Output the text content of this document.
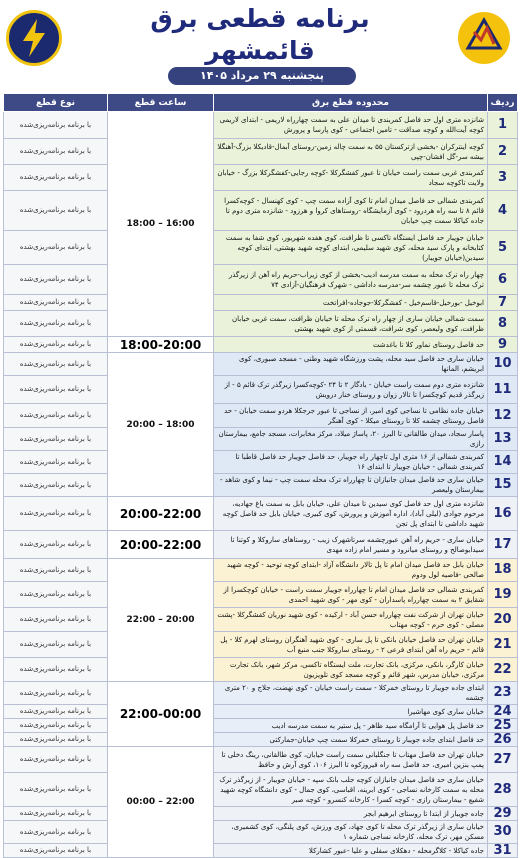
برنامه قطعی برق
قائمشهر
پنجشنبه ۲۹ مرداد ۱۴۰۵
ردیف	محدوده قطع برق	ساعت قطع	نوع قطع
1	شانزده متری اول حد فاصل کمربندی تا میدان علی به سمت چهارراه لاریمی - ابتدای لاریمی کوچه آیت‌الله و کوچه صداقت - تامین اجتماعی - کوی پارسا و پرورش	16:00 – 18:00	با برنامه برنامه‌ریزی‌شده
2	کوچه اینترکران -بخشی ازترکستان ۵۵ به سمت چاله زمین-روستای آبمال-قادیکلا بزرگ-آهنگلا بیشه سر-گل افشان-چپی		با برنامه برنامه‌ریزی‌شده
3	کمربندی غربی سمت راست خیابان تا عبور کفشگرکلا -کوچه رجایی-کفشگرکلا بزرگ - خیابان ولایت تاکوچه سجاد		با برنامه برنامه‌ریزی‌شده
4	کمربندی شمالی حد فاصل میدان امام تا کوی آزاده سمت چپ - کوی کهنسال - کوچه‌کسرا قائم ۸ تا سه راه هردرود - کوی آزمایشگاه -روستاهای کروا و هرزود - شانزده متری دوم تا جاده کیاکلا سمت چپ خیابان		با برنامه برنامه‌ریزی‌شده
5	خیابان جویبار حد فاصل ایستگاه تاکسی تا ظرافت، کوی هفده شهریور، کوی شفا به سمت کتابخانه و پارک سید محله، کوی شهید سلیمی، ابتدای کوچه شهید بهشتی، ابتدای کوچه سیدبن‌(خیابان جویبار)		با برنامه برنامه‌ریزی‌شده
6	چهار راه ترک محله به سمت مدرسه ادیب-بخشی از کوی زیراب-حریم راه آهن از زیرگذر ترک محله تا عبور چشمه سر-مدرسه داداشی - شهرک فرهنگیان-آزادی ۷۴		با برنامه برنامه‌ریزی‌شده
7	ابوخیل -بورخیل-قاسم‌خیل - کفشگرکلا-جوجاده-افراتخت		با برنامه برنامه‌ریزی‌شده
8	سمت شمالی خیابان ساری از چهار راه ترک محله تا خیابان ظرافت، سمت غربی خیابان ظرافت، کوی ولیعصر، کوی شرافت، قسمتی از کوی شهید بهشتی		با برنامه برنامه‌ریزی‌شده
9	حد فاصل روستای نماور کلا تا باغدشت	18:00-20:00	با برنامه برنامه‌ریزی‌شده
10	خیابان ساری حد فاصل سید محله، پشت ورزشگاه شهید وطنی - مسجد صبوری، کوی ابریشم، المانها	18:00 – 20:00	با برنامه برنامه‌ریزی‌شده
11	شانزده متری دوم سمت راست خیابان - بادگار ۲ تا ۲۴ -کوچه‌کسرا زیرگذر ترک قائم ۵ - از زیرگذر قدیم کوچکسرا تا تالار زوان و روستای خنار درویش		با برنامه برنامه‌ریزی‌شده
12	خیابان جاده نظامی تا نساجی کوی امیر، از نساجی تا عبور جرجکلا هردو سمت خیابان - حد فاصل روستای چشمه کلا تا روستای میکلا - کوی آهنگر		با برنامه برنامه‌ریزی‌شده
13	پاسار سجاد، میدان طالقانی تا البرز ۲۰، پاساژ میلاد، مرکز مخابرات، مسجد جامع، بیمارستان رازی		با برنامه برنامه‌ریزی‌شده
14	کمربندی شمالی از ۱۶ متری اول تاچهار راه جویبار، حد فاصل جویبار حد فاصل قاطبا تا کمربندی شمالی - خیابان جویبار تا ابتدای ۱۶		با برنامه برنامه‌ریزی‌شده
15	خیابان ساری حد فاصل میدان جانبازان تا چهارراه ترک محله سمت چپ - نیما و کوی شاهد - بیمارستان ولیعصر		با برنامه برنامه‌ریزی‌شده
16	شانزده متری اول حد فاصل کوی سیدین تا میدان علی، خیابان بابل به سمت باغ جهادیه، مرحوم جوادی (لیلی آباد)، اداره آموزش و پرورش، کوی کبیری، خیابان بابل حد فاصل کوچه شهید داداشی تا ابتدای پل تجن	20:00-22:00	با برنامه برنامه‌ریزی‌شده
17	خیابان ساری - حریم راه آهن عبورچشمه سرتاشهرک زیب - روستاهای ساروکلا و کوتنا تا سیدابوصالح و روستای میانرود و مسیر امام زاده مهدی	20:00-22:00	با برنامه برنامه‌ریزی‌شده
18	خیابان بابل حد فاصل میدان امام تا پل تالار دانشگاه آزاد -ابتدای کوچه توحید - کوچه شهید صالحی -فاصیه لول ودوم	20:00 – 22:00	با برنامه برنامه‌ریزی‌شده
19	کمربندی شمالی حد فاصل میدان امام تا چهارراه جویبار سمت راست - خیابان کوچکسرا از شقایق ۲ به سمت چهارراه پاسداران - کوی مهر - کوی شهید احمدی		با برنامه برنامه‌ریزی‌شده
20	خیابان تهران از شرکت نفت چهارراه حسن آباد - ارکیده - کوی شهید نوریان کفشگرکلا -پشت مصلی - کوی حرم - کوچه مهتاب		با برنامه برنامه‌ریزی‌شده
21	خیابان تهران حد فاصل خیابان بانکی تا پل ساری - کوی شهید آهنگران روستای لهرم کلا - پل قائم - حریم راه آهن ابتدای فرعی ۲ - روستای ساروکلا جنب منبع آب		با برنامه برنامه‌ریزی‌شده
22	خیابان کارگر، بانکی، مرکزی، بانک تجارت، ملت ایستگاه تاکسی، مرکز شهر، بانک تجارت مرکزی، خیابان مدرس، شهر قائم و کوچه مسجد کوی تلویزیون		با برنامه برنامه‌ریزی‌شده
23	ابتدای جاده جویبار تا روستای خمرکلا - سمت راست خیابان - کوی نهضت، جلاج و ۲۰ متری چشمه	22:00-00:00	با برنامه برنامه‌ریزی‌شده
24	خیابان ساری کوی مهاشیرا		با برنامه برنامه‌ریزی‌شده
25	حد فاصل پل هوایی تا آرامگاه سید ظاهر - پل ستیر به سمت مدرسه ادیب		با برنامه برنامه‌ریزی‌شده
26	حد فاصل ابتدای جاده جویبار تا روستای خمرکلا سمت چپ خیابان-جمارکتی		با برنامه برنامه‌ریزی‌شده
27	خیابان تهران حد فاصل مهتاب تا جنگلبانی سمت راست خیابان، کوی طالقانی، رینگ دخلی تا پمپ بنزین امیری، حد فاصل سه راه قیروزکوه تا البرز ۱۰۶، کوی آرش و حافظ	22:00 – 00:00	با برنامه برنامه‌ریزی‌شده
28	خیابان ساری حد فاصل میدان جانبازان کوچه جلب بانک سپه - خیابان جویبار - از زیرگذر ترک محله به سمت کارخانه نساجی - کوی ابرینه، اقباسی، کوی جمال - کوی دانشگاه کوچه شهید شفیع - بیمارستان رازی - کوچه کسرا - کارخانه کنسرو - کوچه صبر		با برنامه برنامه‌ریزی‌شده
29	جاده جویبار از ابتدا تا روستای ابرهیم ابجر		با برنامه برنامه‌ریزی‌شده
30	خیابان ساری از زیرگذر ترک محله تا کوی جهاد، کوی ورزش، کوی پلنگی، کوی کشمیری، مسکن مهر، ترک محله، کارخانه نساجی شماره ۱		با برنامه برنامه‌ریزی‌شده
31	جاده کیاکلا - کلاگرمحله - دهکلای سفلی و علیا -عبور کشارکلا		با برنامه برنامه‌ریزی‌شده
